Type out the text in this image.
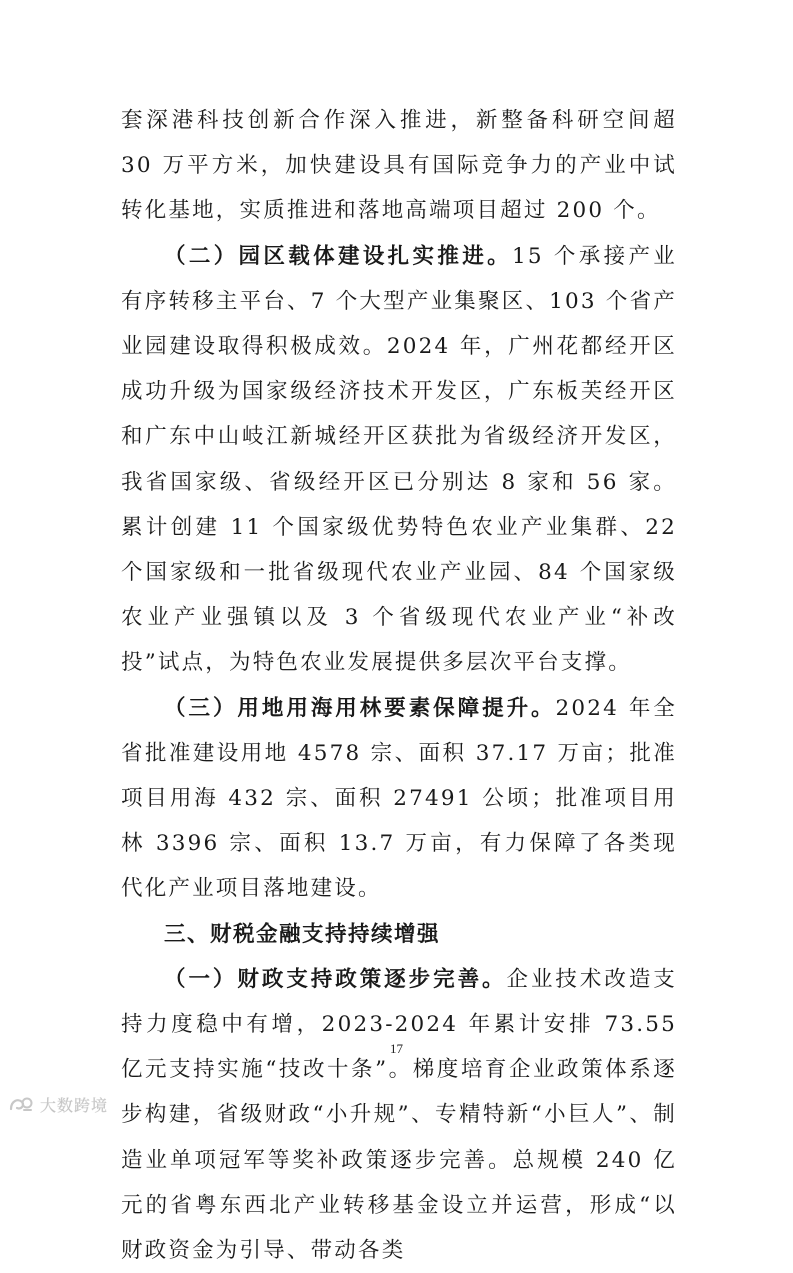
套深港科技创新合作深入推进，新整备科研空间超 30 万平方米，加快建设具有国际竞争力的产业中试转化基地，实质推进和落地高端项目超过 200 个。

（二）园区载体建设扎实推进。15 个承接产业有序转移主平台、7 个大型产业集聚区、103 个省产业园建设取得积极成效。2024 年，广州花都经开区成功升级为国家级经济技术开发区，广东板芙经开区和广东中山岐江新城经开区获批为省级经济开发区，我省国家级、省级经开区已分别达 8 家和 56 家。累计创建 11 个国家级优势特色农业产业集群、22 个国家级和一批省级现代农业产业园、84 个国家级农业产业强镇以及 3 个省级现代农业产业“补改投”试点，为特色农业发展提供多层次平台支撑。

（三）用地用海用林要素保障提升。2024 年全省批准建设用地 4578 宗、面积 37.17 万亩；批准项目用海 432 宗、面积 27491 公顷；批准项目用林 3396 宗、面积 13.7 万亩，有力保障了各类现代化产业项目落地建设。

三、财税金融支持持续增强

（一）财政支持政策逐步完善。企业技术改造支持力度稳中有增，2023-2024 年累计安排 73.55 亿元支持实施“技改十条”。梯度培育企业政策体系逐步构建，省级财政“小升规”、专精特新“小巨人”、制造业单项冠军等奖补政策逐步完善。总规模 240 亿元的省粤东西北产业转移基金设立并运营，形成“以财政资金为引导、带动各类

17
大数跨境
